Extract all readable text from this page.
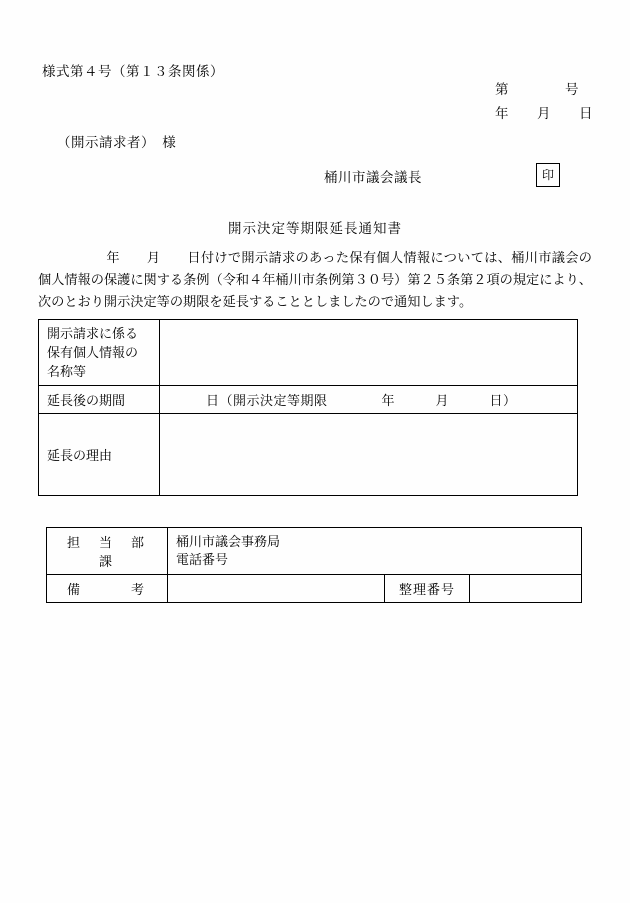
様式第４号（第１３条関係）
第　　　　号
年　　月　　日
（開示請求者）　様
桶川市議会議長	印
開示決定等期限延長通知書
年　　月　　日付けで開示請求のあった保有個人情報については、桶川市議会の個人情報の保護に関する条例（令和４年桶川市条例第３０号）第２５条第２項の規定により、次のとおり開示決定等の期限を延長することとしましたので通知します。
開示請求に係る
保有個人情報の
名称等	

延長後の期間	日（開示決定等期限　　　　年　　　月　　　日）
延長の理由	
担　当　部　課	桶川市議会事務局
電話番号		

備　　　考		整理番号	
